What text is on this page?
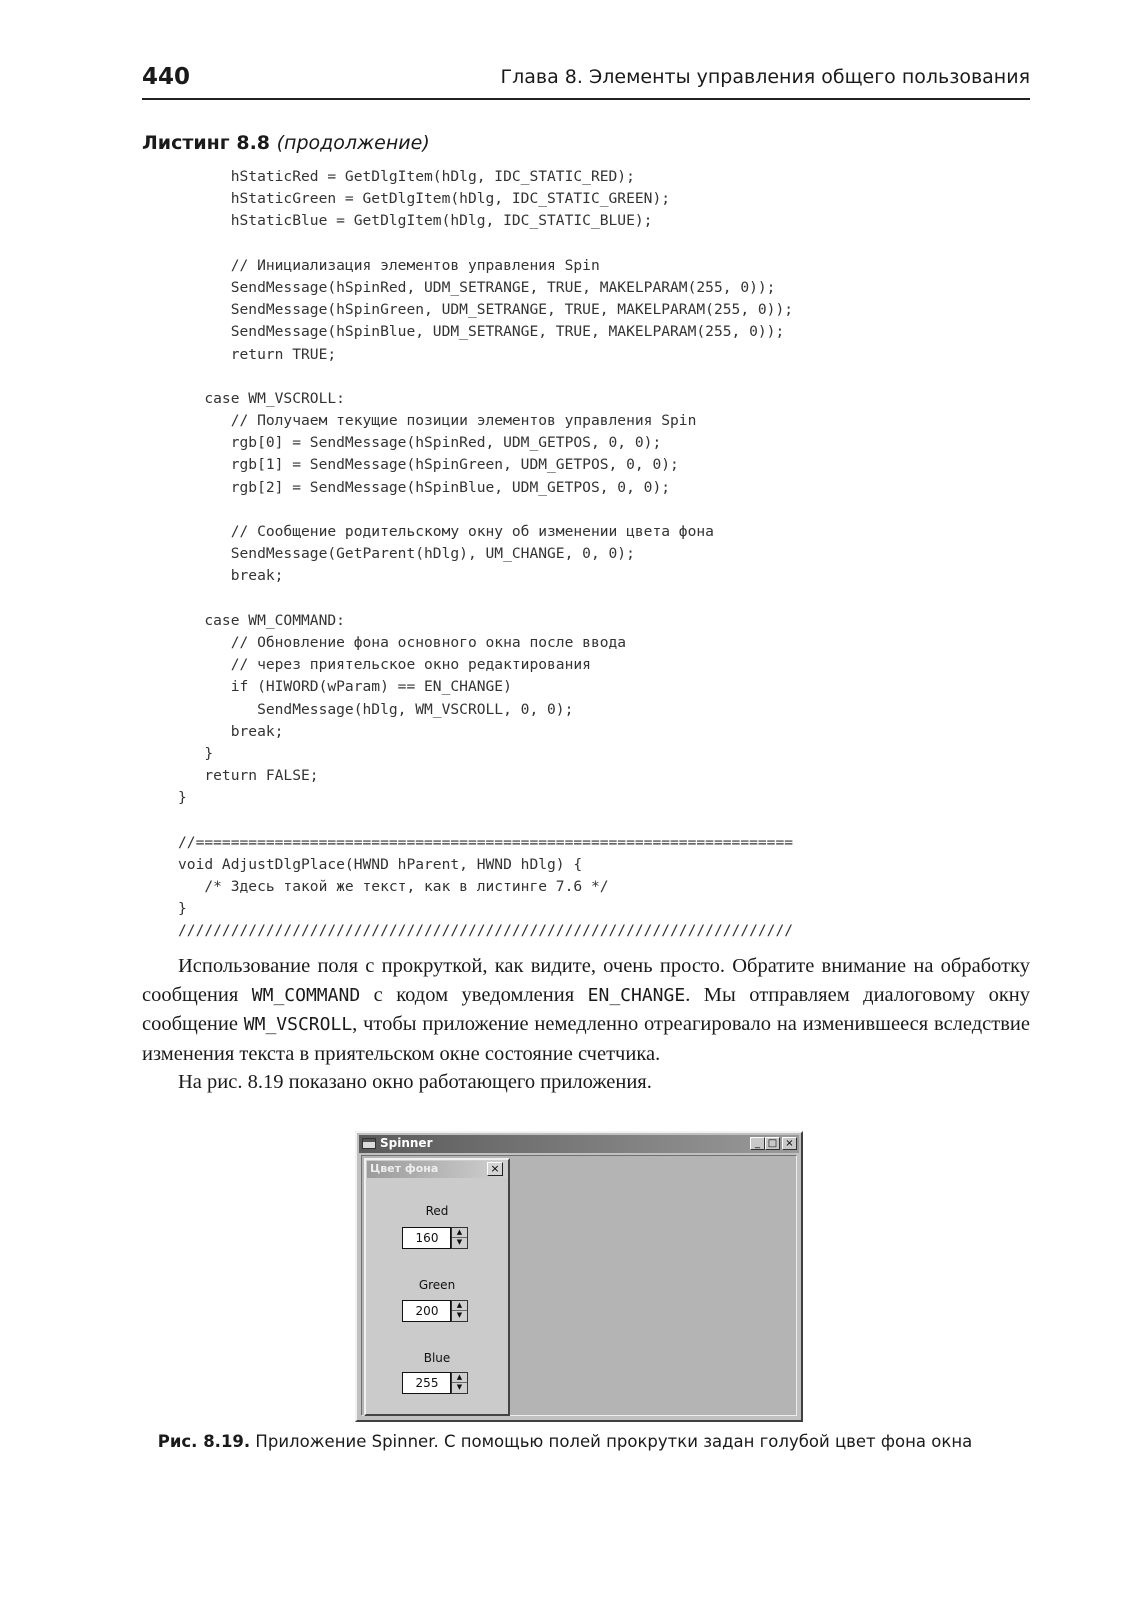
440	Глава 8. Элементы управления общего пользования
Листинг 8.8 (продолжение)
hStaticRed = GetDlgItem(hDlg, IDC_STATIC_RED);
hStaticGreen = GetDlgItem(hDlg, IDC_STATIC_GREEN);
hStaticBlue = GetDlgItem(hDlg, IDC_STATIC_BLUE);
// Инициализация элементов управления Spin
SendMessage(hSpinRed, UDM_SETRANGE, TRUE, MAKELPARAM(255, 0));
SendMessage(hSpinGreen, UDM_SETRANGE, TRUE, MAKELPARAM(255, 0));
SendMessage(hSpinBlue, UDM_SETRANGE, TRUE, MAKELPARAM(255, 0));
return TRUE;
case WM_VSCROLL:
// Получаем текущие позиции элементов управления Spin
rgb[0] = SendMessage(hSpinRed, UDM_GETPOS, 0, 0);
rgb[1] = SendMessage(hSpinGreen, UDM_GETPOS, 0, 0);
rgb[2] = SendMessage(hSpinBlue, UDM_GETPOS, 0, 0);
// Сообщение родительскому окну об изменении цвета фона
SendMessage(GetParent(hDlg), UM_CHANGE, 0, 0);
break;
case WM_COMMAND:
// Обновление фона основного окна после ввода
// через приятельское окно редактирования
if (HIWORD(wParam) == EN_CHANGE)
SendMessage(hDlg, WM_VSCROLL, 0, 0);
break;
}
return FALSE;
}
//====================================================================
void AdjustDlgPlace(HWND hParent, HWND hDlg) {
/* Здесь такой же текст, как в листинге 7.6 */
}
//////////////////////////////////////////////////////////////////////

Использование поля с прокруткой, как видите, очень просто. Обратите внимание на обработку сообщения WM_COMMAND с кодом уведомления EN_CHANGE. Мы отправляем диалоговому окну сообщение WM_VSCROLL, чтобы приложение немедленно отреагировало на изменившееся вследствие изменения текста в приятельском окне состояние счетчика.

На рис. 8.19 показано окно работающего приложения.

Spinner	_ □ ×
Цвет фона	×
Red
160	▲
▼
Green
200	▲
▼
Blue
255	▲
▼
Рис. 8.19. Приложение Spinner. С помощью полей прокрутки задан голубой цвет фона окна
